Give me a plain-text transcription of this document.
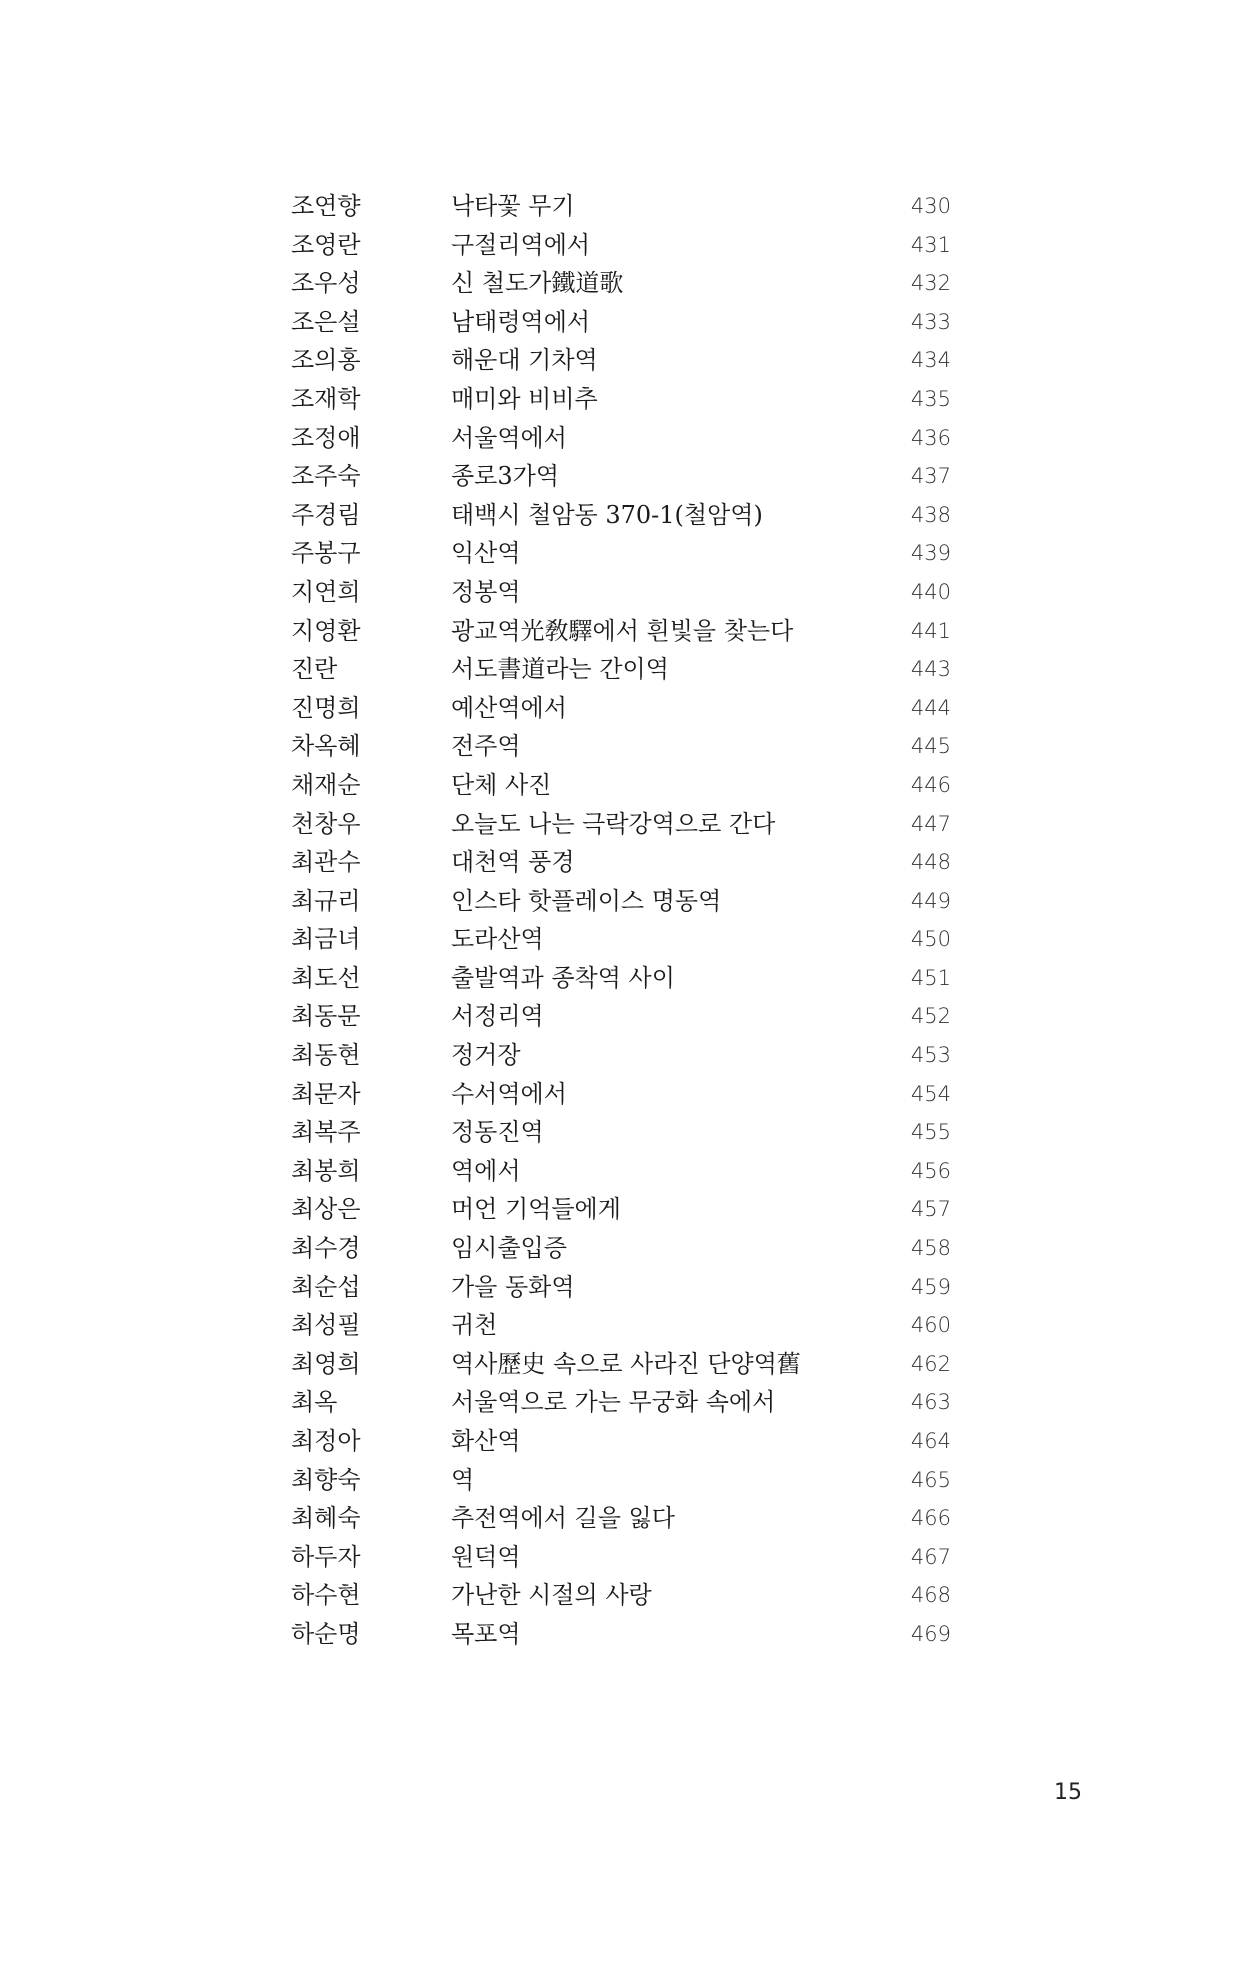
조연향	낙타꽃 무기	430
조영란	구절리역에서	431
조우성	신 철도가鐵道歌	432
조은설	남태령역에서	433
조의홍	해운대 기차역	434
조재학	매미와 비비추	435
조정애	서울역에서	436
조주숙	종로3가역	437
주경림	태백시 철암동 370-1(철암역)	438
주봉구	익산역	439
지연희	정봉역	440
지영환	광교역光敎驛에서 흰빛을 찾는다	441
진란	서도書道라는 간이역	443
진명희	예산역에서	444
차옥혜	전주역	445
채재순	단체 사진	446
천창우	오늘도 나는 극락강역으로 간다	447
최관수	대천역 풍경	448
최규리	인스타 핫플레이스 명동역	449
최금녀	도라산역	450
최도선	출발역과 종착역 사이	451
최동문	서정리역	452
최동현	정거장	453
최문자	수서역에서	454
최복주	정동진역	455
최봉희	역에서	456
최상은	머언 기억들에게	457
최수경	임시출입증	458
최순섭	가을 동화역	459
최성필	귀천	460
최영희	역사歷史 속으로 사라진 단양역舊	462
최옥	서울역으로 가는 무궁화 속에서	463
최정아	화산역	464
최향숙	역	465
최혜숙	추전역에서 길을 잃다	466
하두자	원덕역	467
하수현	가난한 시절의 사랑	468
하순명	목포역	469
15
